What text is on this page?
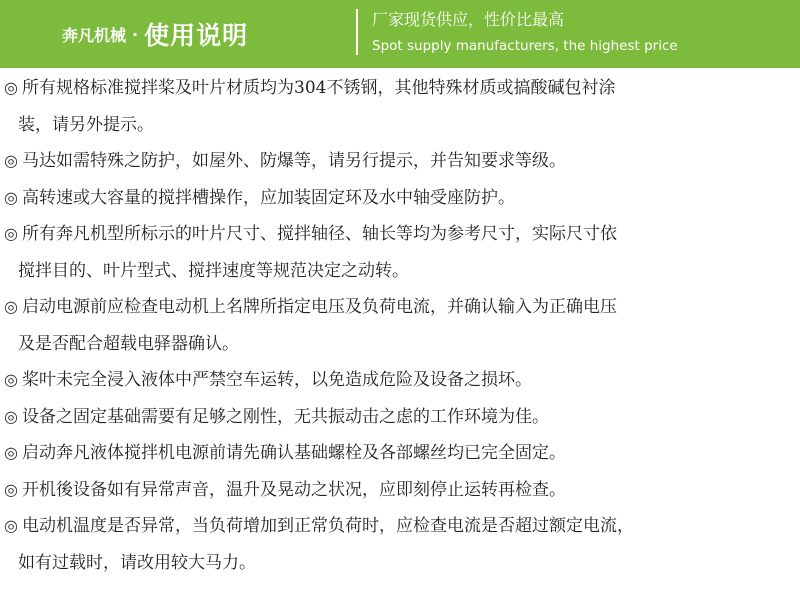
奔凡机械 · 使用说明
厂家现货供应，性价比最高
Spot supply manufacturers, the highest price
◎ 所有规格标准搅拌桨及叶片材质均为304不锈钢，其他特殊材质或搞酸碱包衬涂
装，请另外提示。
◎ 马达如需特殊之防护，如屋外、防爆等，请另行提示，并告知要求等级。
◎ 高转速或大容量的搅拌槽操作，应加装固定环及水中轴受座防护。
◎ 所有奔凡机型所标示的叶片尺寸、搅拌轴径、轴长等均为参考尺寸，实际尺寸依
搅拌目的、叶片型式、搅拌速度等规范决定之动转。
◎ 启动电源前应检查电动机上名牌所指定电压及负荷电流，并确认输入为正确电压
及是否配合超载电驿器确认。
◎ 桨叶未完全浸入液体中严禁空车运转，以免造成危险及设备之损坏。
◎ 设备之固定基础需要有足够之刚性，无共振动击之虑的工作环境为佳。
◎ 启动奔凡液体搅拌机电源前请先确认基础螺栓及各部螺丝均已完全固定。
◎ 开机後设备如有异常声音，温升及晃动之状况，应即刻停止运转再检查。
◎ 电动机温度是否异常，当负荷增加到正常负荷时，应检查电流是否超过额定电流，
如有过载时，请改用较大马力。
